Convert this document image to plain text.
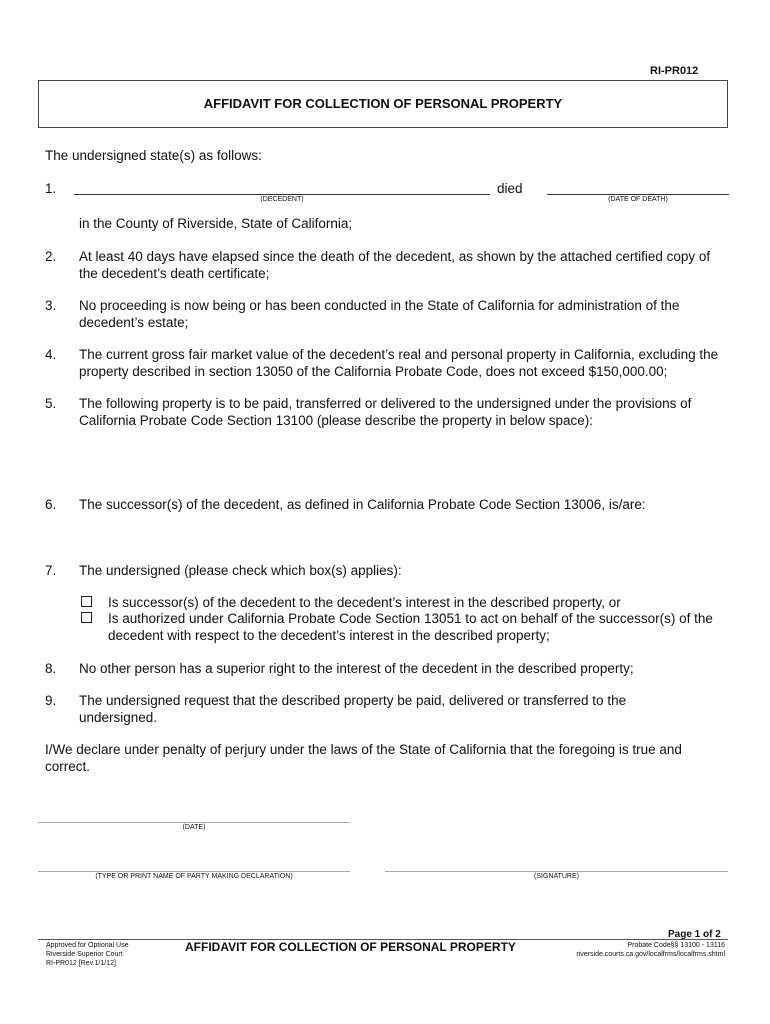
RI-PR012
AFFIDAVIT FOR COLLECTION OF PERSONAL PROPERTY
The undersigned state(s) as follows:
1.
(DECEDENT)
died
(DATE OF DEATH)
in the County of Riverside, State of California;
2. At least 40 days have elapsed since the death of the decedent, as shown by the attached certified copy of the decedent’s death certificate;
3. No proceeding is now being or has been conducted in the State of California for administration of the decedent’s estate;
4. The current gross fair market value of the decedent’s real and personal property in California, excluding the property described in section 13050 of the California Probate Code, does not exceed $150,000.00;
5. The following property is to be paid, transferred or delivered to the undersigned under the provisions of California Probate Code Section 13100 (please describe the property in below space):
6. The successor(s) of the decedent, as defined in California Probate Code Section 13006, is/are:
7. The undersigned (please check which box(s) applies):
Is successor(s) of the decedent to the decedent’s interest in the described property, or
Is authorized under California Probate Code Section 13051 to act on behalf of the successor(s) of the decedent with respect to the decedent’s interest in the described property;
8. No other person has a superior right to the interest of the decedent in the described property;
9. The undersigned request that the described property be paid, delivered or transferred to the undersigned.
I/We declare under penalty of perjury under the laws of the State of California that the foregoing is true and correct.
(DATE)
(TYPE OR PRINT NAME OF PARTY MAKING DECLARATION)	(SIGNATURE)
Page 1 of 2
Approved for Optional Use
Riverside Superior Court
RI-PR012 [Rev.1/1/12]
AFFIDAVIT FOR COLLECTION OF PERSONAL PROPERTY	Probate Code§§ 13100 - 13116
riverside.courts.ca.gov/localfrms/localfrms.shtml
